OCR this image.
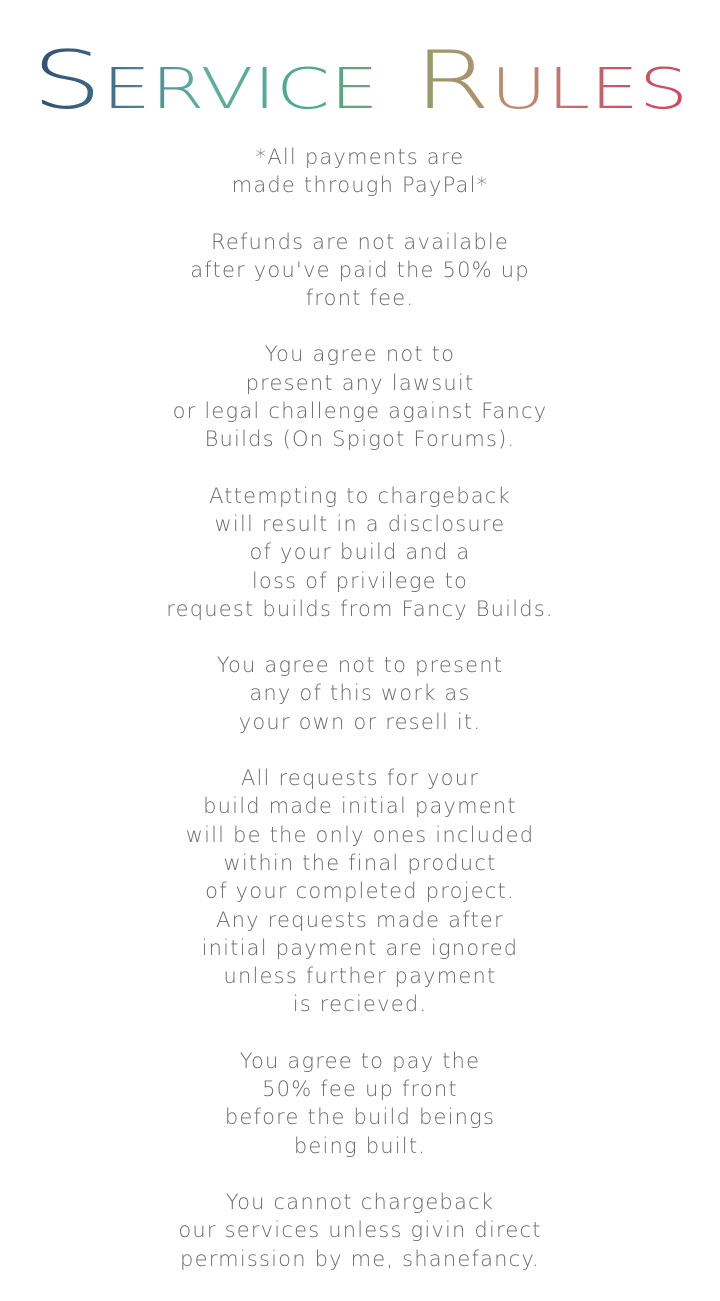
Service Rules
*All payments are
made through PayPal*
Refunds are not available
after you've paid the 50% up
front fee.
You agree not to
present any lawsuit
or legal challenge against Fancy
Builds (On Spigot Forums).
Attempting to chargeback
will result in a disclosure
of your build and a
loss of privilege to
request builds from Fancy Builds.
You agree not to present
any of this work as
your own or resell it.
All requests for your
build made initial payment
will be the only ones included
within the final product
of your completed project.
Any requests made after
initial payment are ignored
unless further payment
is recieved.
You agree to pay the
50% fee up front
before the build beings
being built.
You cannot chargeback
our services unless givin direct
permission by me, shanefancy.
